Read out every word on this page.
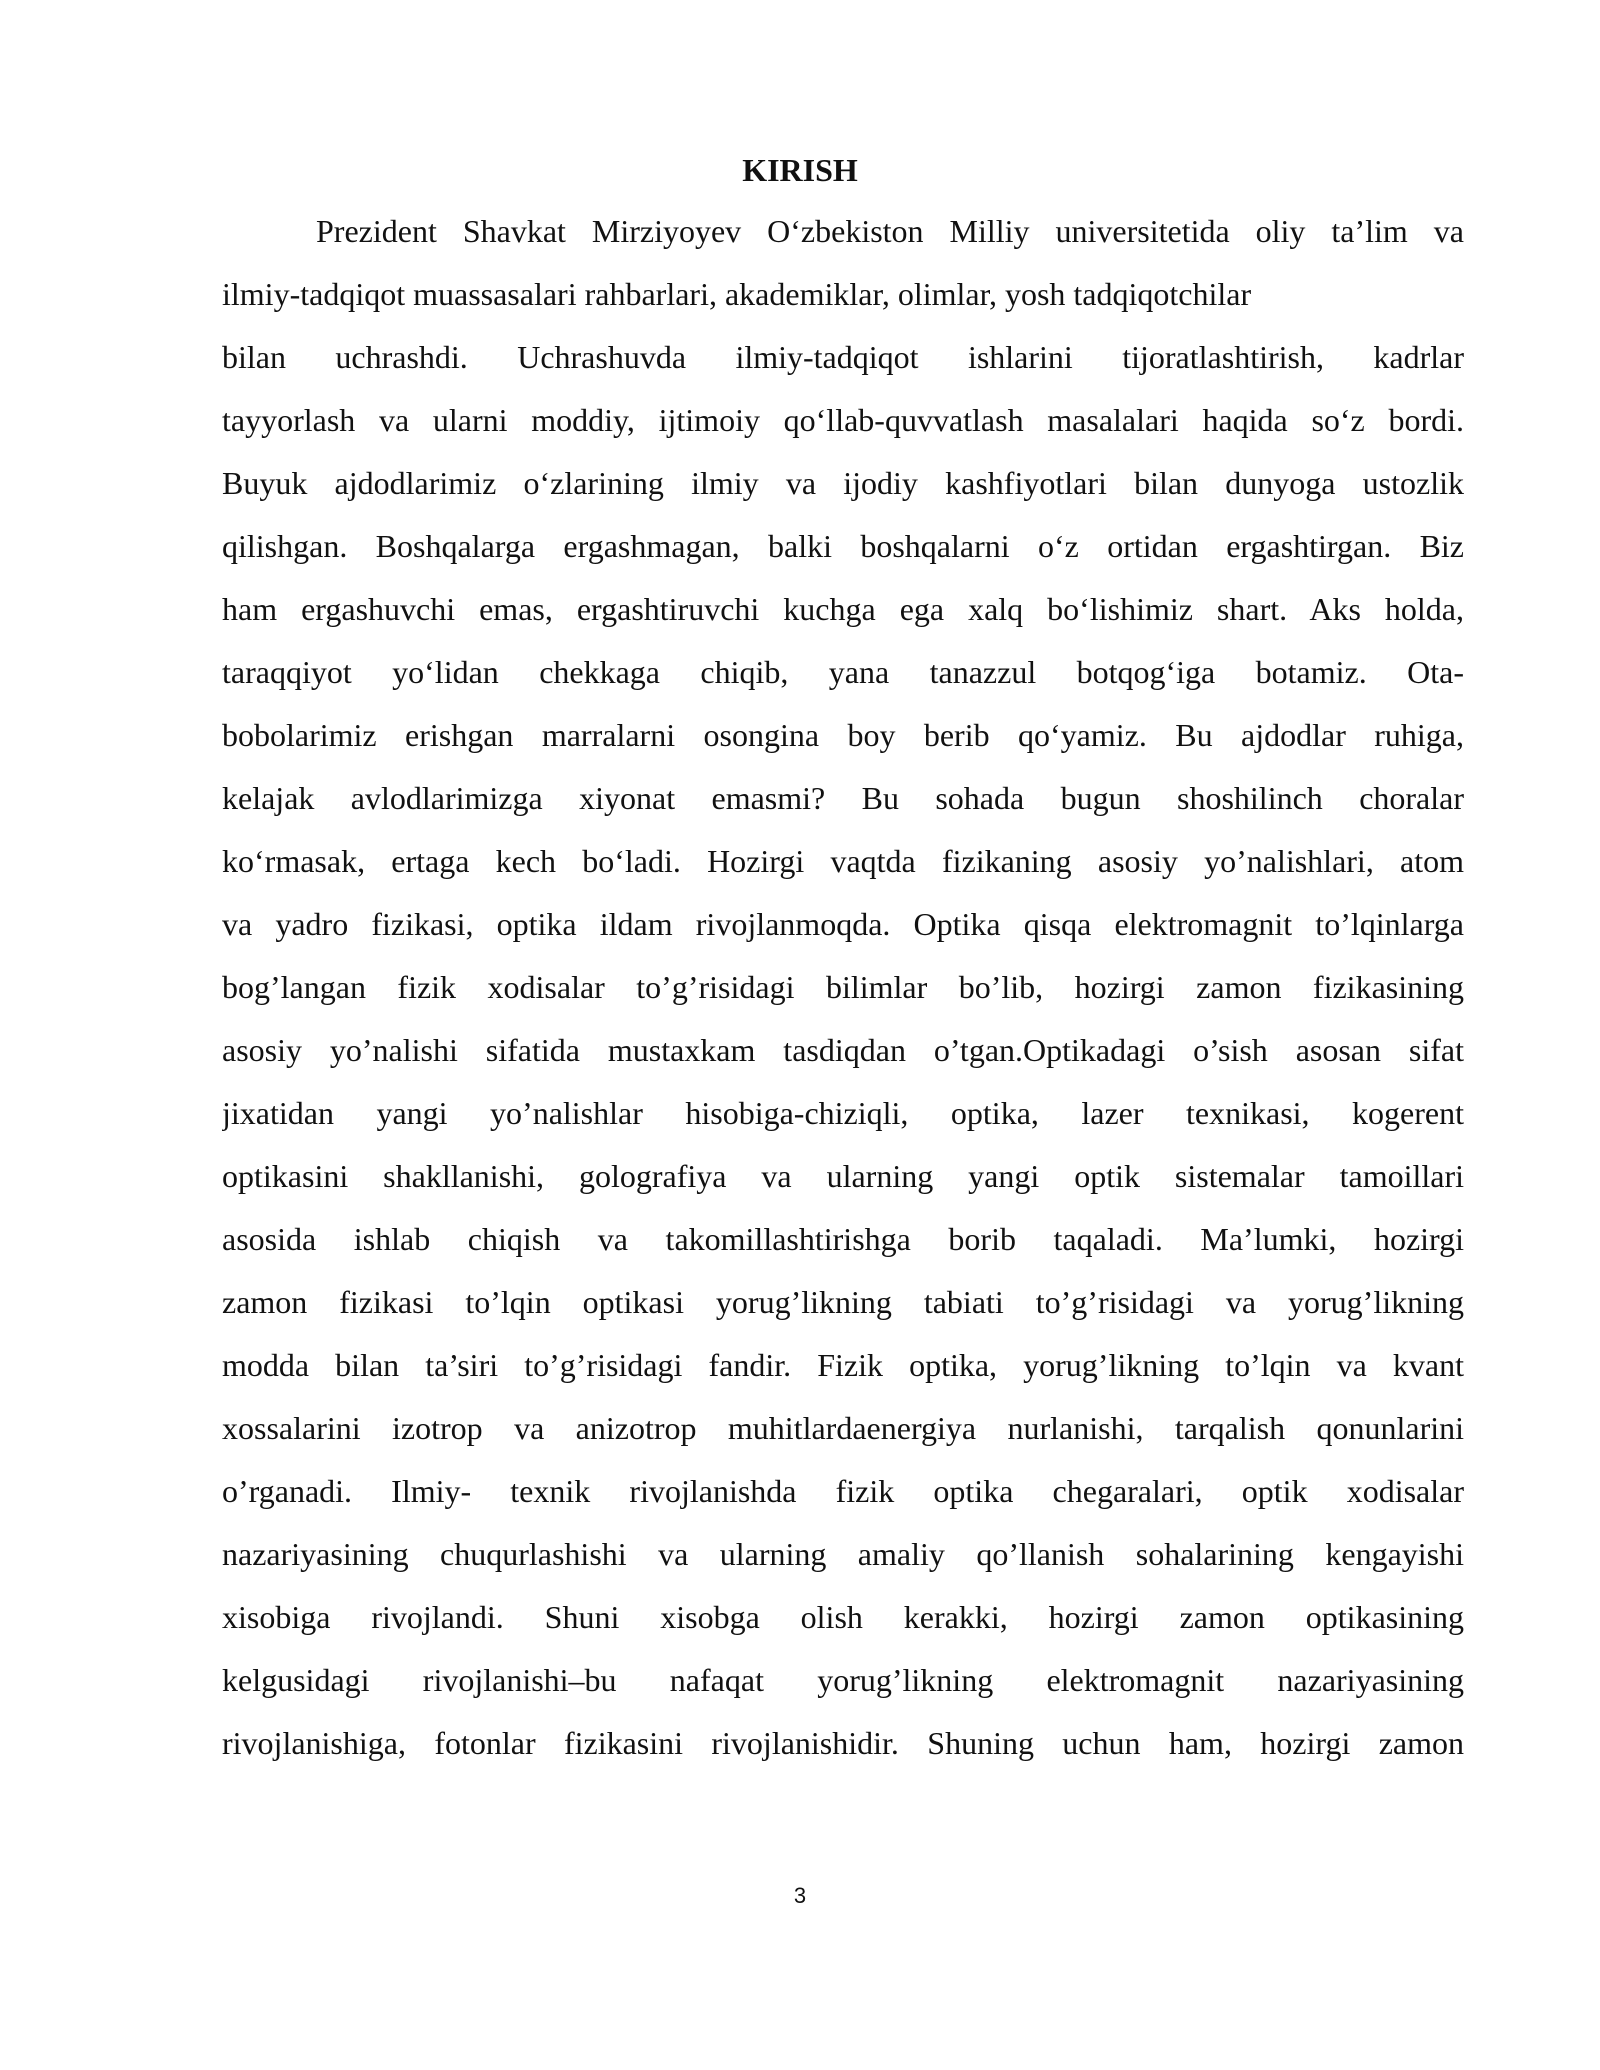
KIRISH
Prezident Shavkat Mirziyoyev O‘zbekiston Milliy universitetida oliy ta’lim va
ilmiy-tadqiqot muassasalari rahbarlari, akademiklar, olimlar, yosh tadqiqotchilar
bilan uchrashdi. Uchrashuvda ilmiy-tadqiqot ishlarini tijoratlashtirish, kadrlar
tayyorlash va ularni moddiy, ijtimoiy qo‘llab-quvvatlash masalalari haqida so‘z bordi.
Buyuk ajdodlarimiz o‘zlarining ilmiy va ijodiy kashfiyotlari bilan dunyoga ustozlik
qilishgan. Boshqalarga ergashmagan, balki boshqalarni o‘z ortidan ergashtirgan. Biz
ham ergashuvchi emas, ergashtiruvchi kuchga ega xalq bo‘lishimiz shart. Aks holda,
taraqqiyot yo‘lidan chekkaga chiqib, yana tanazzul botqog‘iga botamiz. Ota-
bobolarimiz erishgan marralarni osongina boy berib qo‘yamiz. Bu ajdodlar ruhiga,
kelajak avlodlarimizga xiyonat emasmi? Bu sohada bugun shoshilinch choralar
ko‘rmasak, ertaga kech bo‘ladi. Hozirgi vaqtda fizikaning asosiy yo’nalishlari, atom
va yadro fizikasi, optika ildam rivojlanmoqda. Optika qisqa elektromagnit to’lqinlarga
bog’langan fizik xodisalar to’g’risidagi bilimlar bo’lib, hozirgi zamon fizikasining
asosiy yo’nalishi sifatida mustaxkam tasdiqdan o’tgan.Optikadagi o’sish asosan sifat
jixatidan yangi yo’nalishlar hisobiga-chiziqli, optika, lazer texnikasi, kogerent
optikasini shakllanishi, golografiya va ularning yangi optik sistemalar tamoillari
asosida ishlab chiqish va takomillashtirishga borib taqaladi. Ma’lumki, hozirgi
zamon fizikasi to’lqin optikasi yorug’likning tabiati to’g’risidagi va yorug’likning
modda bilan ta’siri to’g’risidagi fandir. Fizik optika, yorug’likning to’lqin va kvant
xossalarini izotrop va anizotrop muhitlardaenergiya nurlanishi, tarqalish qonunlarini
o’rganadi. Ilmiy- texnik rivojlanishda fizik optika chegaralari, optik xodisalar
nazariyasining chuqurlashishi va ularning amaliy qo’llanish sohalarining kengayishi
xisobiga rivojlandi. Shuni xisobga olish kerakki, hozirgi zamon optikasining
kelgusidagi rivojlanishi–bu nafaqat yorug’likning elektromagnit nazariyasining
rivojlanishiga, fotonlar fizikasini rivojlanishidir. Shuning uchun ham, hozirgi zamon
3
